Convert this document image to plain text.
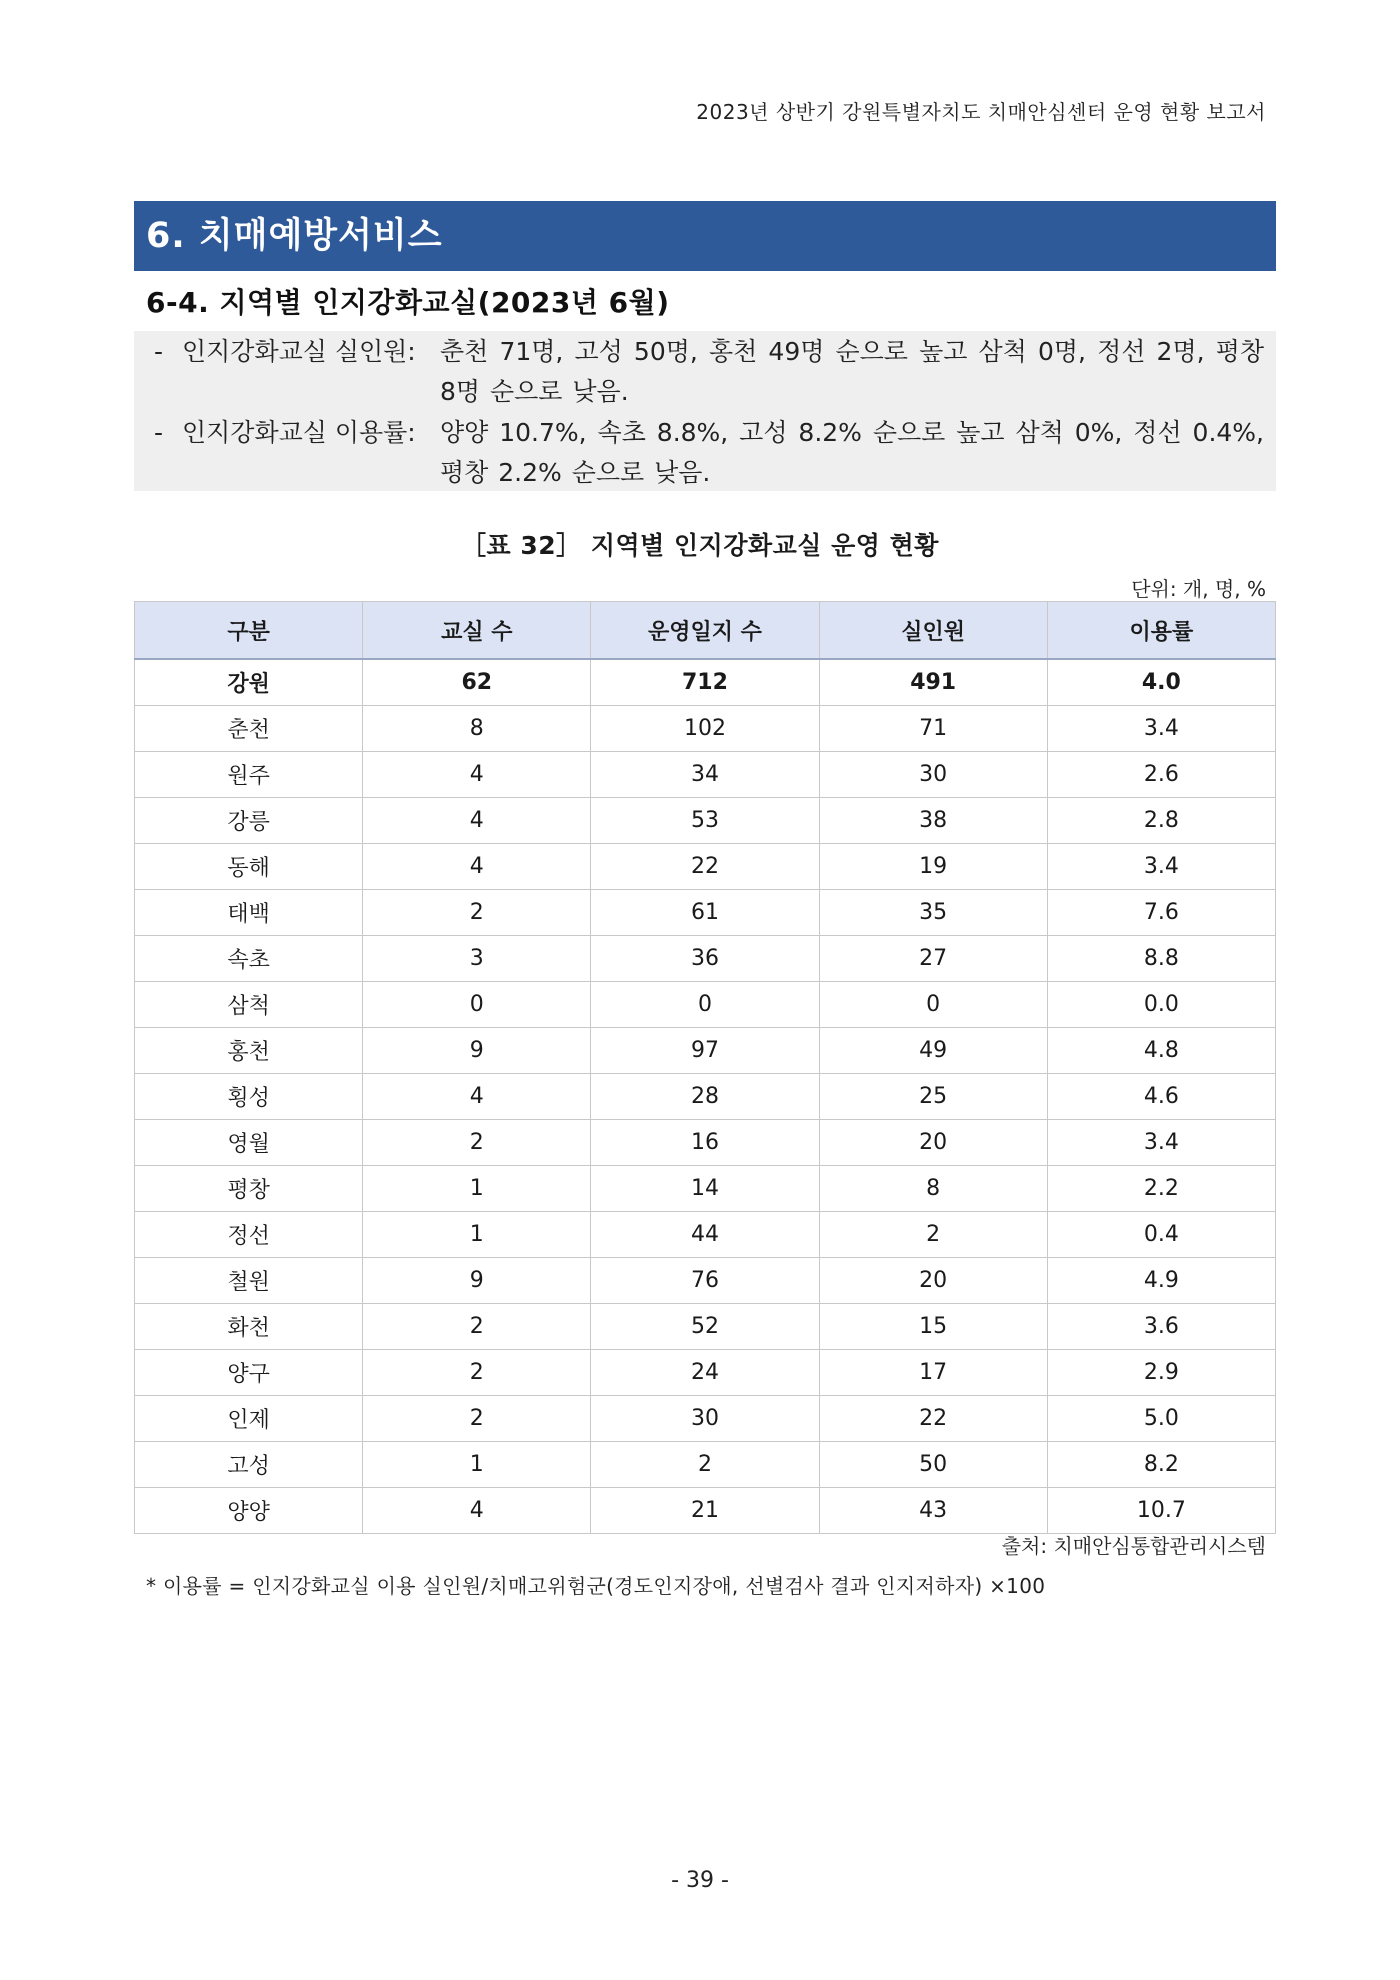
2023년 상반기 강원특별자치도 치매안심센터 운영 현황 보고서
6. 치매예방서비스
6-4. 지역별 인지강화교실(2023년 6월)
- 인지강화교실 실인원: 춘천 71명, 고성 50명, 홍천 49명 순으로 높고 삼척 0명, 정선 2명, 평창 8명 순으로 낮음.
- 인지강화교실 이용률: 양양 10.7%, 속초 8.8%, 고성 8.2% 순으로 높고 삼척 0%, 정선 0.4%, 평창 2.2% 순으로 낮음.
［표 32］ 지역별 인지강화교실 운영 현황
단위: 개, 명, %
구분	교실 수	운영일지 수	실인원	이용률
강원	62	712	491	4.0
춘천	8	102	71	3.4
원주	4	34	30	2.6
강릉	4	53	38	2.8
동해	4	22	19	3.4
태백	2	61	35	7.6
속초	3	36	27	8.8
삼척	0	0	0	0.0
홍천	9	97	49	4.8
횡성	4	28	25	4.6
영월	2	16	20	3.4
평창	1	14	8	2.2
정선	1	44	2	0.4
철원	9	76	20	4.9
화천	2	52	15	3.6
양구	2	24	17	2.9
인제	2	30	22	5.0
고성	1	2	50	8.2
양양	4	21	43	10.7
출처: 치매안심통합관리시스템
* 이용률 = 인지강화교실 이용 실인원/치매고위험군(경도인지장애, 선별검사 결과 인지저하자) ×100
- 39 -
